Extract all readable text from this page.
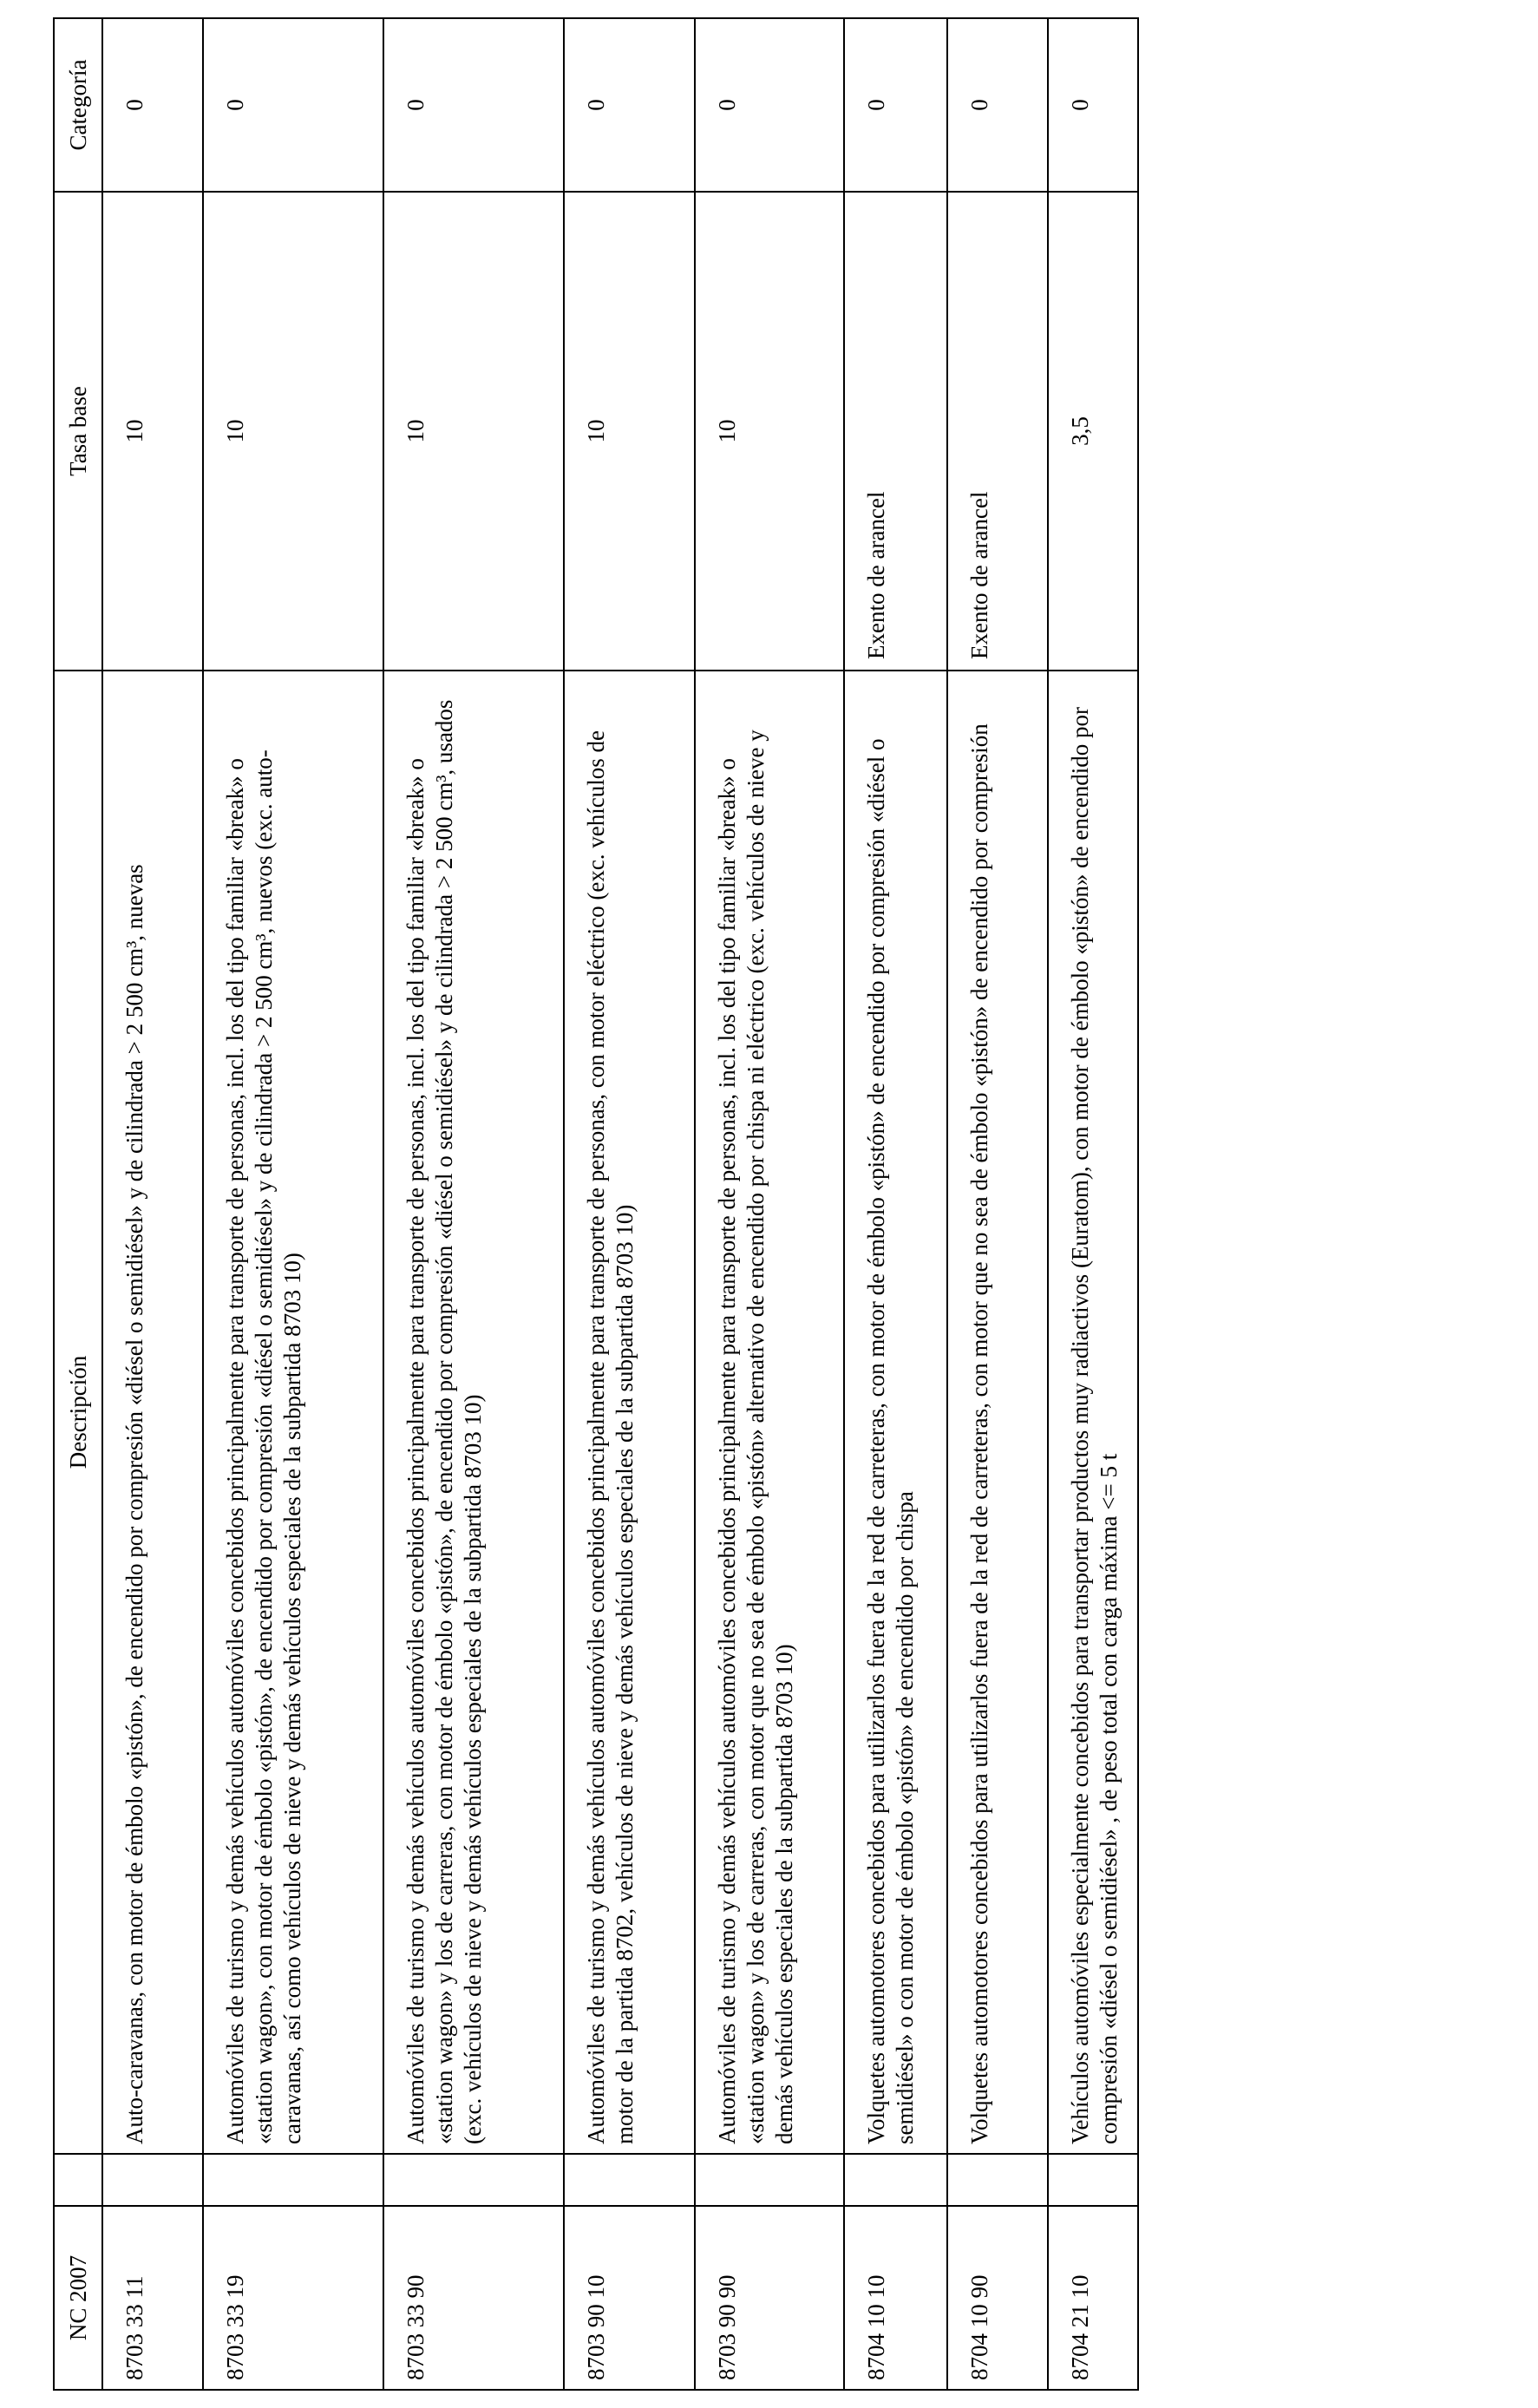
NC 2007		Descripción	Tasa base	Categoría
8703 33 11		Auto-caravanas, con motor de émbolo «pistón», de encendido por compresión «diésel o semidiésel» y de cilindrada > 2 500 cm³, nuevas	10	0
8703 33 19		Automóviles de turismo y demás vehículos automóviles concebidos principalmente para transporte de personas, incl. los del tipo familiar «break» o «station wagon», con motor de émbolo «pistón», de encendido por compresión «diésel o semidiésel» y de cilindrada > 2 500 cm³, nuevos (exc. auto-caravanas, así como vehículos de nieve y demás vehículos especiales de la subpartida 8703 10)	10	0
8703 33 90		Automóviles de turismo y demás vehículos automóviles concebidos principalmente para transporte de personas, incl. los del tipo familiar «break» o «station wagon» y los de carreras, con motor de émbolo «pistón», de encendido por compresión «diésel o semidiésel» y de cilindrada > 2 500 cm³, usados (exc. vehículos de nieve y demás vehículos especiales de la subpartida 8703 10)	10	0
8703 90 10		Automóviles de turismo y demás vehículos automóviles concebidos principalmente para transporte de personas, con motor eléctrico (exc. vehículos de motor de la partida 8702, vehículos de nieve y demás vehículos especiales de la subpartida 8703 10)	10	0
8703 90 90		Automóviles de turismo y demás vehículos automóviles concebidos principalmente para transporte de personas, incl. los del tipo familiar «break» o «station wagon» y los de carreras, con motor que no sea de émbolo «pistón» alternativo de encendido por chispa ni eléctrico (exc. vehículos de nieve y demás vehículos especiales de la subpartida 8703 10)	10	0
8704 10 10		Volquetes automotores concebidos para utilizarlos fuera de la red de carreteras, con motor de émbolo «pistón» de encendido por compresión «diésel o semidiésel» o con motor de émbolo «pistón» de encendido por chispa	Exento de arancel	0
8704 10 90		Volquetes automotores concebidos para utilizarlos fuera de la red de carreteras, con motor que no sea de émbolo «pistón» de encendido por compresión	Exento de arancel	0
8704 21 10		Vehículos automóviles especialmente concebidos para transportar productos muy radiactivos (Euratom), con motor de émbolo «pistón» de encendido por compresión «diésel o semidiésel» , de peso total con carga máxima <= 5 t	3,5	0
